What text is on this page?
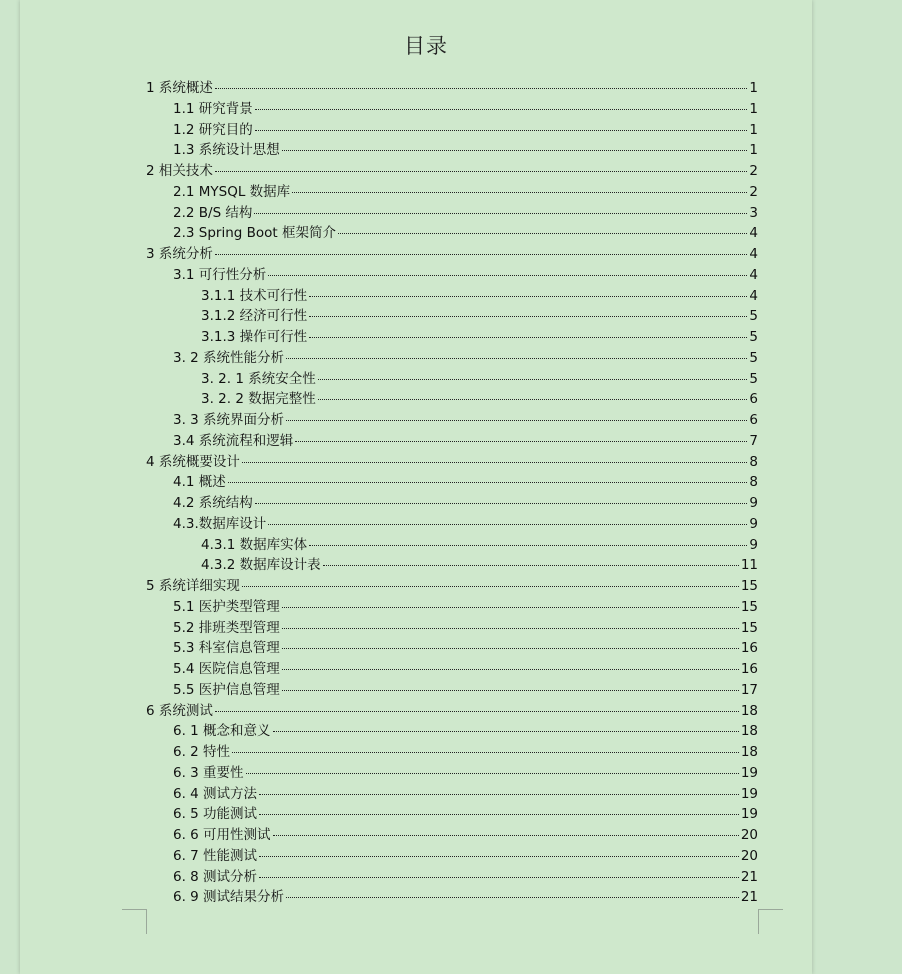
目录
1 系统概述	1
1.1 研究背景	1
1.2 研究目的	1
1.3 系统设计思想	1
2 相关技术	2
2.1 MYSQL 数据库	2
2.2 B/S 结构	3
2.3 Spring Boot 框架简介	4
3 系统分析	4
3.1 可行性分析	4
3.1.1 技术可行性	4
3.1.2 经济可行性	5
3.1.3 操作可行性	5
3. 2 系统性能分析	5
3. 2. 1 系统安全性	5
3. 2. 2 数据完整性	6
3. 3 系统界面分析	6
3.4 系统流程和逻辑	7
4 系统概要设计	8
4.1 概述	8
4.2 系统结构	9
4.3.数据库设计	9
4.3.1 数据库实体	9
4.3.2 数据库设计表	11
5 系统详细实现	15
5.1 医护类型管理	15
5.2 排班类型管理	15
5.3 科室信息管理	16
5.4 医院信息管理	16
5.5 医护信息管理	17
6 系统测试	18
6. 1 概念和意义	18
6. 2 特性	18
6. 3 重要性	19
6. 4 测试方法	19
6. 5 功能测试	19
6. 6 可用性测试	20
6. 7 性能测试	20
6. 8 测试分析	21
6. 9 测试结果分析	21
